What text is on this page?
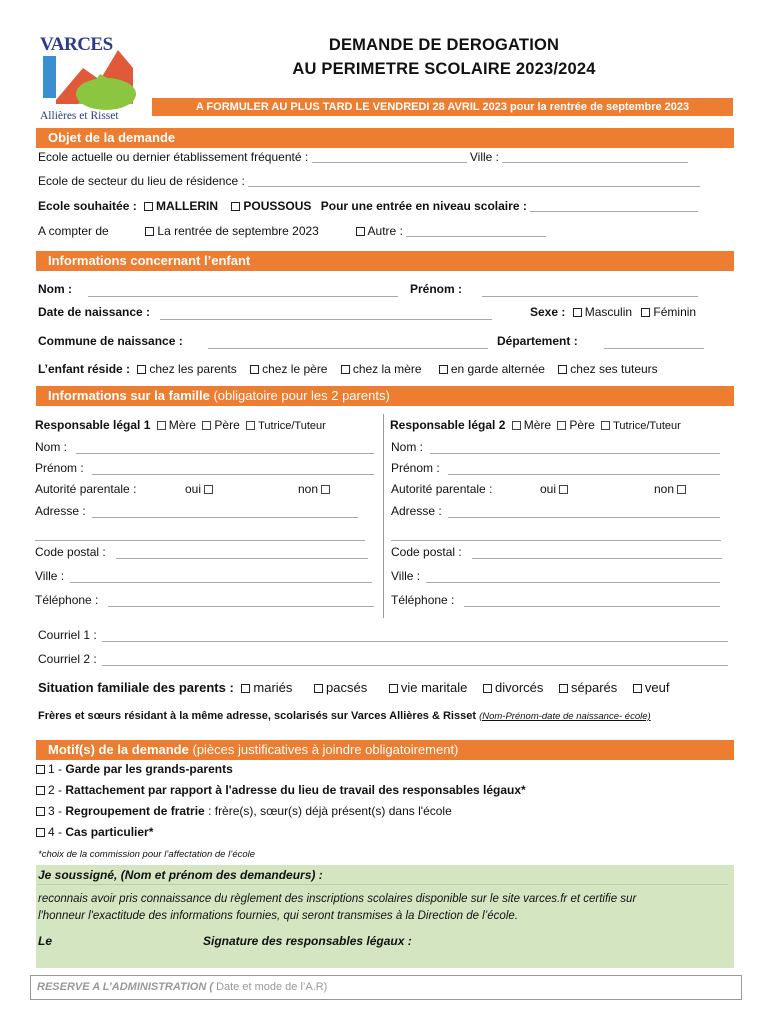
VARCES
Allières et Risset
DEMANDE DE DEROGATION
AU PERIMETRE SCOLAIRE 2023/2024
A FORMULER AU PLUS TARD LE VENDREDI 28 AVRIL 2023 pour la rentrée de septembre 2023
Objet de la demande
Ecole actuelle ou dernier établissement fréquenté :	Ville :
Ecole de secteur du lieu de résidence :
Ecole souhaitée : MALLERIN POUSSOUS Pour une entrée en niveau scolaire :
A compter de	La rentrée de septembre 2023	Autre :
Informations concernant l’enfant
Nom :	Prénom :
Date de naissance :	Sexe : Masculin Féminin
Commune de naissance :	Département :
L’enfant réside : chez les parents chez le père chez la mère en garde alternée chez ses tuteurs
Informations sur la famille (obligatoire pour les 2 parents)
Responsable légal 1 Mère Père Tutrice/Tuteur
Nom :
Prénom :
Autorité parentale :	oui	non
Adresse :
Code postal :
Ville :
Téléphone :
Responsable légal 2 Mère Père Tutrice/Tuteur
Nom :
Prénom :
Autorité parentale :	oui	non
Adresse :
Code postal :
Ville :
Téléphone :
Courriel 1 :
Courriel 2 :
Situation familiale des parents : mariés	pacsés	vie maritale divorcés séparés veuf
Frères et sœurs résidant à la même adresse, scolarisés sur Varces Allières & Risset (Nom-Prénom-date de naissance- école)
Motif(s) de la demande (pièces justificatives à joindre obligatoirement)
1 - Garde par les grands-parents
2 - Rattachement par rapport à l'adresse du lieu de travail des responsables légaux*
3 - Regroupement de fratrie : frère(s), sœur(s) déjà présent(s) dans l'école
4 - Cas particulier*
*choix de la commission pour l’affectation de l’école
Je soussigné, (Nom et prénom des demandeurs) :
reconnais avoir pris connaissance du règlement des inscriptions scolaires disponible sur le site varces.fr et certifie sur
l'honneur l'exactitude des informations fournies, qui seront transmises à la Direction de l’école.
Le	Signature des responsables légaux :
RESERVE A L’ADMINISTRATION ( Date et mode de l’A.R)
